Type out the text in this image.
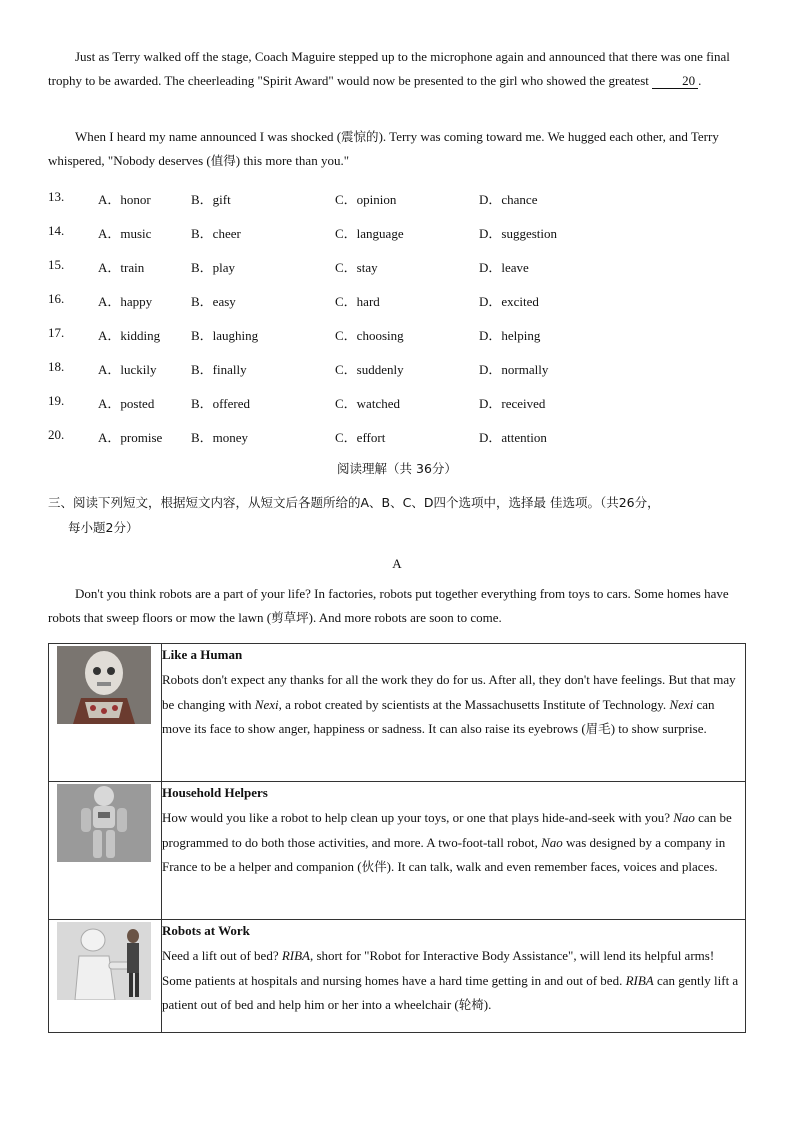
Just as Terry walked off the stage, Coach Maguire stepped up to the microphone again and announced that there was one final trophy to be awarded. The cheerleading "Spirit Award" would now be presented to the girl who showed the greatest 20 .
When I heard my name announced I was shocked (震惊的). Terry was coming toward me. We hugged each other, and Terry whispered, "Nobody deserves (值得) this more than you."
13.	A．honor	B．gift	C．opinion	D．chance
14.	A．music	B．cheer	C．language	D．suggestion
15.	A．train	B．play	C．stay	D．leave
16.	A．happy	B．easy	C．hard	D．excited
17.	A．kidding B．laughing	C．choosing	D．helping
18.	A．luckily	B．finally	C．suddenly	D．normally
19.	A．posted	B．offered	C．watched	D．received
20.	A．promise B．money	C．effort	D．attention
阅读理解（共 36分）
三、阅读下列短文，根据短文内容，从短文后各题所给的A、B、C、D四个选项中，选择最 佳选项。（共26分，
每小题2分）
A
Don't you think robots are a part of your life? In factories, robots put together everything from toys to cars. Some homes have robots that sweep floors or mow the lawn (剪草坪). And more robots are soon to come.

Like a Human
Robots don't expect any thanks for all the work they do for us. After all, they don't have feelings. But that may be changing with Nexi, a robot created by scientists at the Massachusetts Institute of Technology. Nexi can move its face to show anger, happiness or sadness. It can also raise its eyebrows (眉毛) to show surprise.

Household Helpers
How would you like a robot to help clean up your toys, or one that plays hide-and-seek with you? Nao can be programmed to do both those activities, and more. A two-foot-tall robot, Nao was designed by a company in France to be a helper and companion (伙伴). It can talk, walk and even remember faces, voices and places.

Robots at Work
Need a lift out of bed? RIBA, short for "Robot for Interactive Body Assistance", will lend its helpful arms! Some patients at hospitals and nursing homes have a hard time getting in and out of bed. RIBA can gently lift a patient out of bed and help him or her into a wheelchair (轮椅).
